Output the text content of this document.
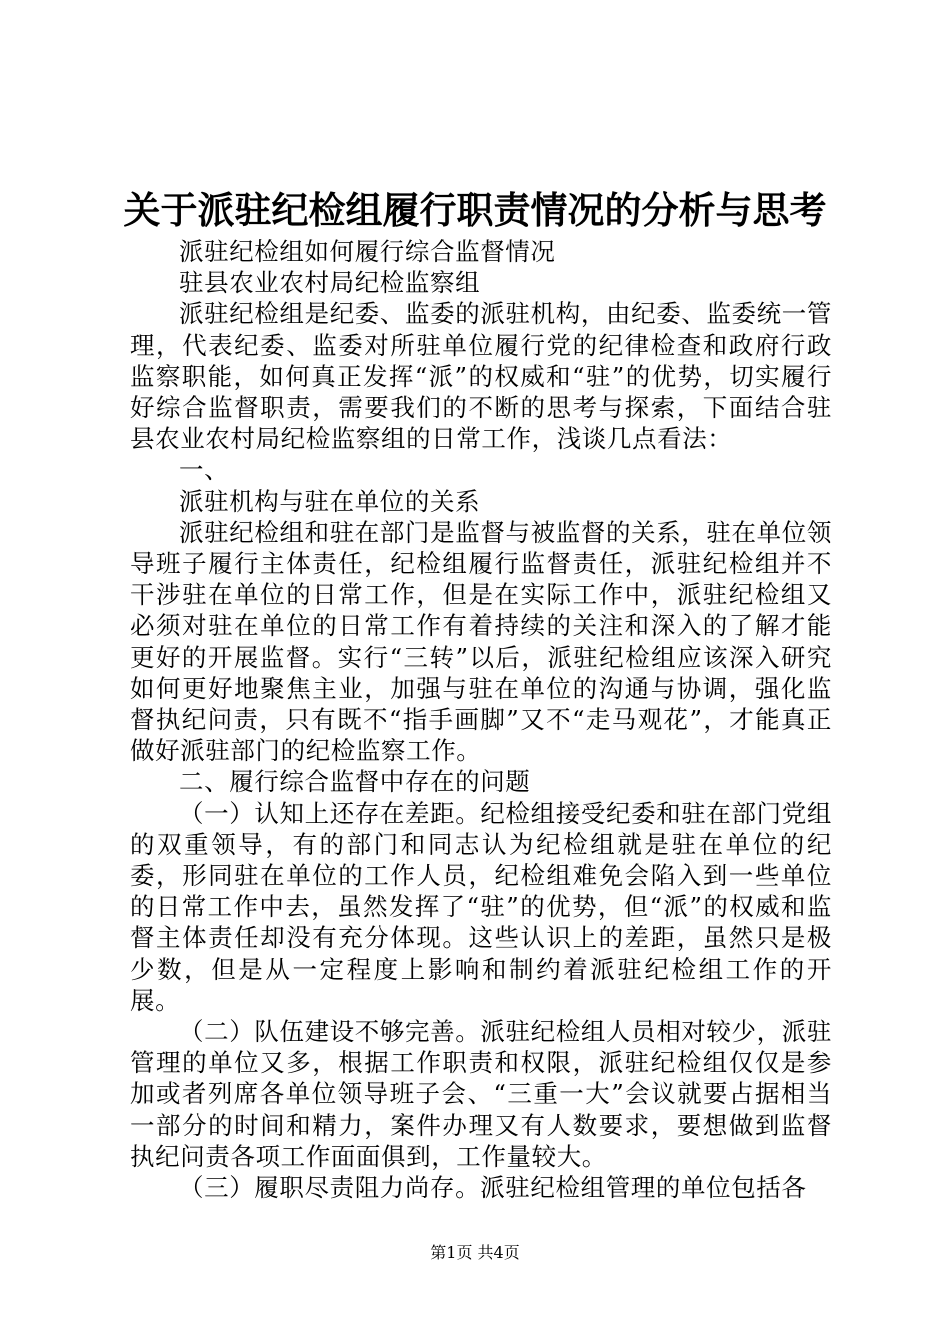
关于派驻纪检组履行职责情况的分析与思考

派驻纪检组如何履行综合监督情况

驻县农业农村局纪检监察组

派驻纪检组是纪委、监委的派驻机构，由纪委、监委统一管理，代表纪委、监委对所驻单位履行党的纪律检查和政府行政监察职能，如何真正发挥“派”的权威和“驻”的优势，切实履行好综合监督职责，需要我们的不断的思考与探索，下面结合驻县农业农村局纪检监察组的日常工作，浅谈几点看法：

一、

派驻机构与驻在单位的关系

派驻纪检组和驻在部门是监督与被监督的关系，驻在单位领导班子履行主体责任，纪检组履行监督责任，派驻纪检组并不干涉驻在单位的日常工作，但是在实际工作中，派驻纪检组又必须对驻在单位的日常工作有着持续的关注和深入的了解才能更好的开展监督。实行“三转”以后，派驻纪检组应该深入研究如何更好地聚焦主业，加强与驻在单位的沟通与协调，强化监督执纪问责，只有既不“指手画脚”又不“走马观花”，才能真正做好派驻部门的纪检监察工作。

二、履行综合监督中存在的问题

（一）认知上还存在差距。纪检组接受纪委和驻在部门党组的双重领导，有的部门和同志认为纪检组就是驻在单位的纪委，形同驻在单位的工作人员，纪检组难免会陷入到一些单位的日常工作中去，虽然发挥了“驻”的优势，但“派”的权威和监督主体责任却没有充分体现。这些认识上的差距，虽然只是极少数，但是从一定程度上影响和制约着派驻纪检组工作的开展。

（二）队伍建设不够完善。派驻纪检组人员相对较少，派驻管理的单位又多，根据工作职责和权限，派驻纪检组仅仅是参加或者列席各单位领导班子会、“三重一大”会议就要占据相当一部分的时间和精力，案件办理又有人数要求，要想做到监督执纪问责各项工作面面俱到，工作量较大。

（三）履职尽责阻力尚存。派驻纪检组管理的单位包括各

第1页 共4页
